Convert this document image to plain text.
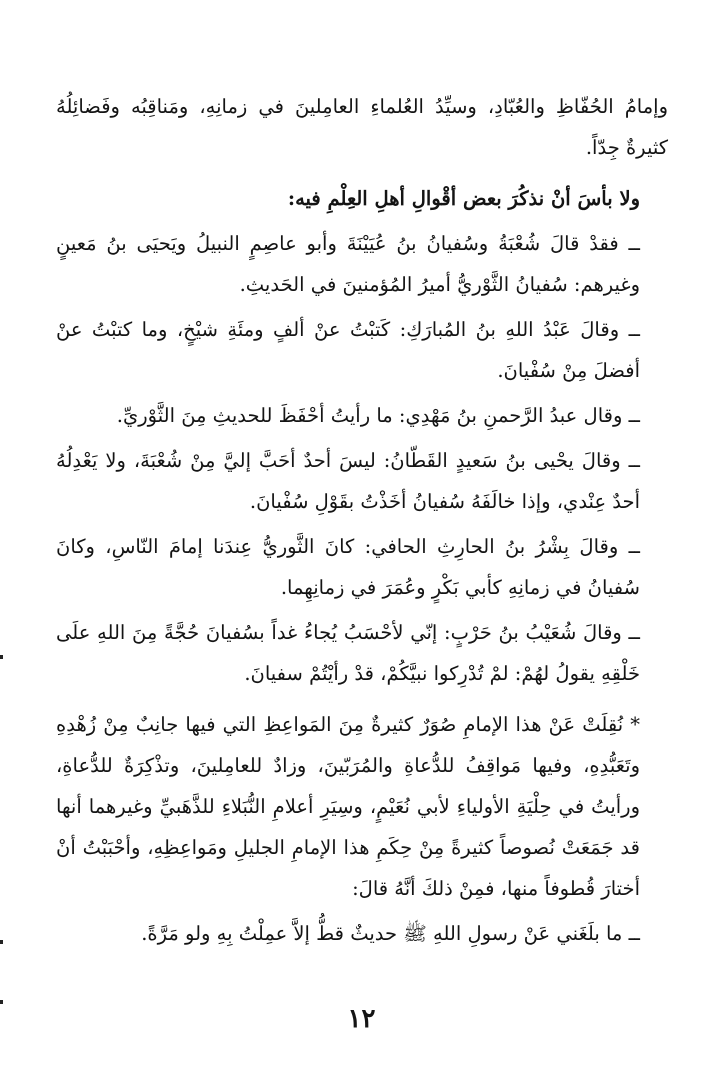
وإمامُ الحُفّاظِ والعُبّادِ، وسيِّدُ العُلماءِ العامِلينَ في زمانِهِ، ومَناقِبُه وفَضائِلُهُ كثيرةٌ جِدّاً.

ولا بأسَ أنْ نذكُرَ بعض أقْوالِ أهلِ العِلْمِ فيه:

ــ فقدْ قالَ شُعْبَةُ وسُفيانُ بنُ عُيَيْنَةَ وأبو عاصِمٍ النبيلُ ويَحيَى بنُ مَعينٍ وغيرهم: سُفيانُ الثَّوْريُّ أميرُ المُؤمنينَ في الحَديثِ.

ــ وقالَ عَبْدُ اللهِ بنُ المُبارَكِ: كَتبْتُ عنْ ألفٍ ومئَةِ شيْخٍ، وما كتبْتُ عنْ أفضلَ مِنْ سُفْيانَ.

ــ وقال عبدُ الرَّحمنِ بنُ مَهْدِي: ما رأيتُ أحْفَظَ للحديثِ مِنَ الثَّوْريِّ.

ــ وقالَ يحْيى بنُ سَعيدٍ القَطّانُ: ليسَ أحدٌ أحَبَّ إليَّ مِنْ شُعْبَةَ، ولا يَعْدِلُهُ أحدٌ عِنْدي، وإذا خالَفَهُ سُفيانُ أخَذْتُ بقَوْلِ سُفْيانَ.

ــ وقالَ بِشْرُ بنُ الحارِثِ الحافي: كانَ الثَّوريُّ عِندَنا إمامَ النّاسِ، وكانَ سُفيانُ في زمانِهِ كأبي بَكْرٍ وعُمَرَ في زمانِهِما.

ــ وقالَ شُعَيْبُ بنُ حَرْبٍ: إنّي لأحْسَبُ يُجاءُ غداً بسُفيانَ حُجَّةً مِنَ اللهِ علَى خَلْقِهِ يقولُ لهُمْ: لمْ تُدْرِكوا نبيَّكُمْ، قدْ رأيْتُمْ سفيانَ.

* نُقِلَتْ عَنْ هذا الإمامِ صُوَرٌ كثيرةٌ مِنَ المَواعِظِ التي فيها جانِبٌ مِنْ زُهْدِهِ وتَعَبُّدِهِ، وفيها مَواقِفُ للدُّعاةِ والمُرَبّينَ، وزادٌ للعامِلينَ، وتذْكِرَةٌ للدُّعاةِ، ورأيتُ في حِلْيَةِ الأولياءِ لأبي نُعَيْمٍ، وسِيَرِ أعلامِ النُّبَلاءِ للذَّهَبيِّ وغيرهما أنها قد جَمَعَتْ نُصوصاً كثيرةً مِنْ حِكَمِ هذا الإمامِ الجليلِ ومَواعِظِهِ، وأحْبَبْتُ أنْ أختارَ قُطوفاً منها، فمِنْ ذلكَ أنَّهُ قالَ:

ــ ما بلَغَني عَنْ رسولِ اللهِ ﷺ حديثٌ قطُّ إلاَّ عمِلْتُ بِهِ ولو مَرَّةً.

١٢
